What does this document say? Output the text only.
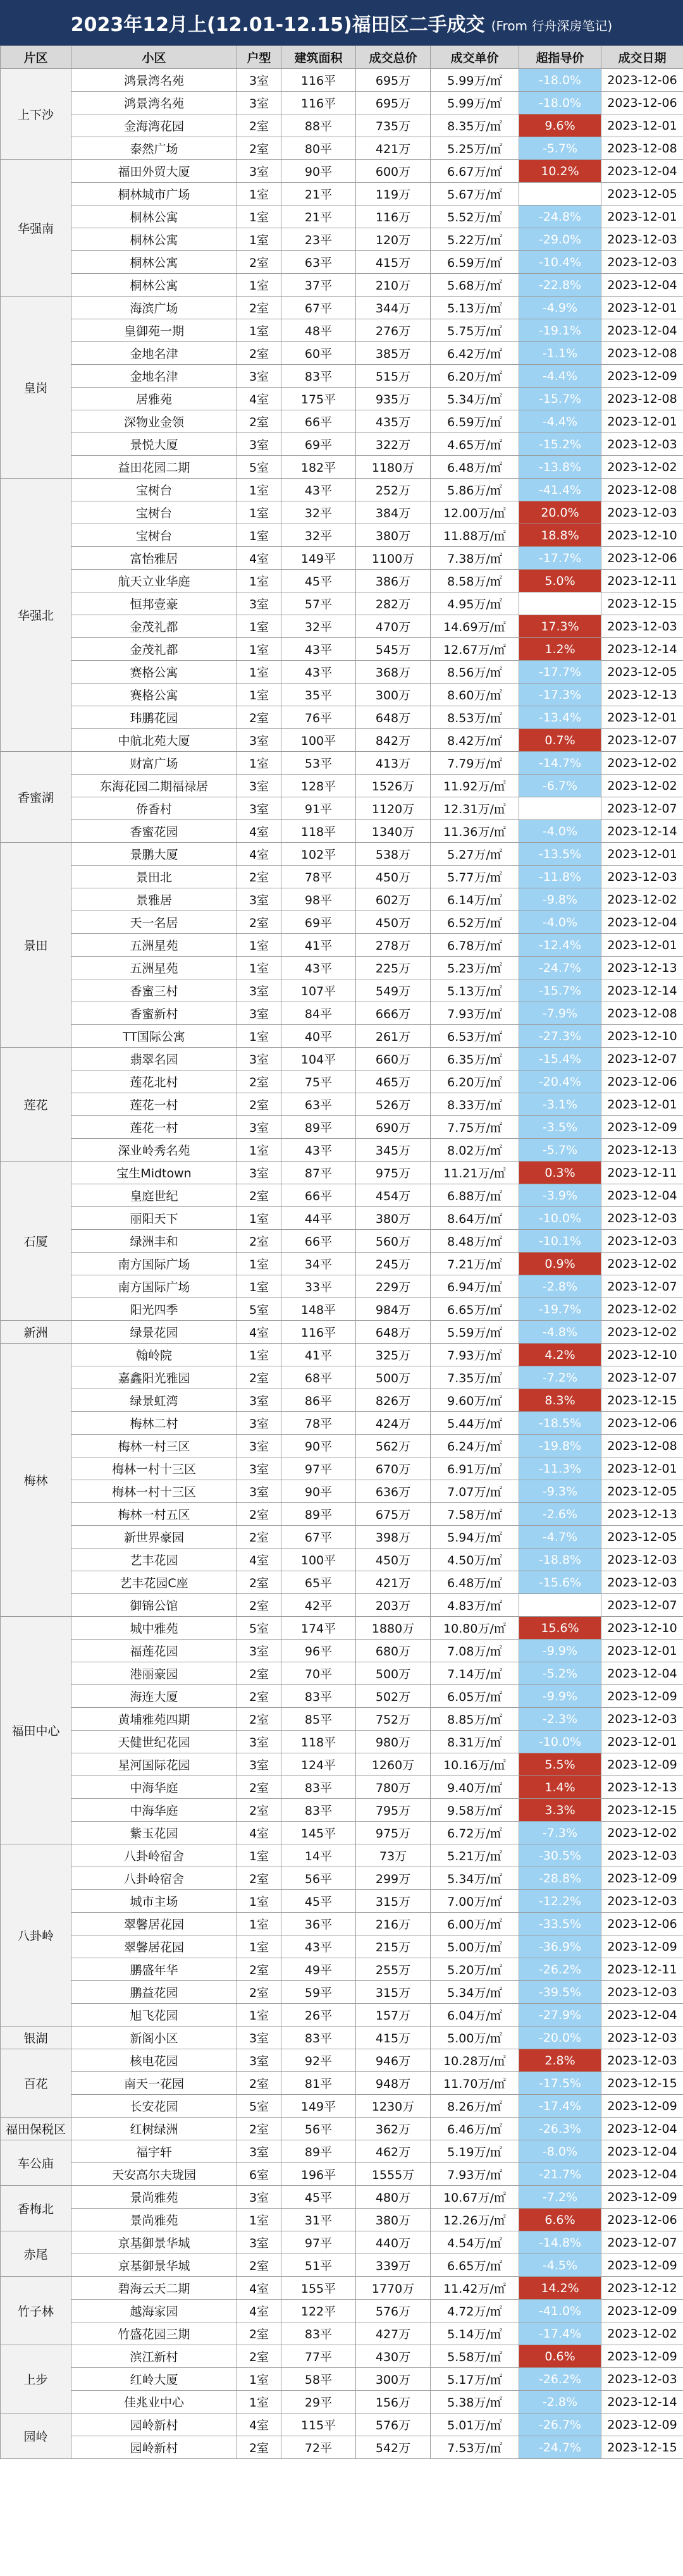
2023年12月上(12.01-12.15)福田区二手成交 (From 行舟深房笔记)
片区	小区	户型	建筑面积	成交总价	成交单价	超指导价	成交日期
上下沙	鸿景湾名苑	3室	116平	695万	5.99万/㎡	-18.0%	2023-12-06
	鸿景湾名苑	3室	116平	695万	5.99万/㎡	-18.0%	2023-12-06
	金海湾花园	2室	88平	735万	8.35万/㎡	9.6%	2023-12-01
	泰然广场	2室	80平	421万	5.25万/㎡	-5.7%	2023-12-08
华强南	福田外贸大厦	3室	90平	600万	6.67万/㎡	10.2%	2023-12-04
	桐林城市广场	1室	21平	119万	5.67万/㎡		2023-12-05
	桐林公寓	1室	21平	116万	5.52万/㎡	-24.8%	2023-12-01
	桐林公寓	1室	23平	120万	5.22万/㎡	-29.0%	2023-12-03
	桐林公寓	2室	63平	415万	6.59万/㎡	-10.4%	2023-12-03
	桐林公寓	1室	37平	210万	5.68万/㎡	-22.8%	2023-12-04
皇岗	海滨广场	2室	67平	344万	5.13万/㎡	-4.9%	2023-12-01
	皇御苑一期	1室	48平	276万	5.75万/㎡	-19.1%	2023-12-04
	金地名津	2室	60平	385万	6.42万/㎡	-1.1%	2023-12-08
	金地名津	3室	83平	515万	6.20万/㎡	-4.4%	2023-12-09
	居雅苑	4室	175平	935万	5.34万/㎡	-15.7%	2023-12-08
	深物业金领	2室	66平	435万	6.59万/㎡	-4.4%	2023-12-01
	景悦大厦	3室	69平	322万	4.65万/㎡	-15.2%	2023-12-03
	益田花园二期	5室	182平	1180万	6.48万/㎡	-13.8%	2023-12-02
华强北	宝树台	1室	43平	252万	5.86万/㎡	-41.4%	2023-12-08
	宝树台	1室	32平	384万	12.00万/㎡	20.0%	2023-12-03
	宝树台	1室	32平	380万	11.88万/㎡	18.8%	2023-12-10
	富怡雅居	4室	149平	1100万	7.38万/㎡	-17.7%	2023-12-06
	航天立业华庭	1室	45平	386万	8.58万/㎡	5.0%	2023-12-11
	恒邦壹豪	3室	57平	282万	4.95万/㎡		2023-12-15
	金茂礼都	1室	32平	470万	14.69万/㎡	17.3%	2023-12-03
	金茂礼都	1室	43平	545万	12.67万/㎡	1.2%	2023-12-14
	赛格公寓	1室	43平	368万	8.56万/㎡	-17.7%	2023-12-05
	赛格公寓	1室	35平	300万	8.60万/㎡	-17.3%	2023-12-13
	玮鹏花园	2室	76平	648万	8.53万/㎡	-13.4%	2023-12-01
	中航北苑大厦	3室	100平	842万	8.42万/㎡	0.7%	2023-12-07
香蜜湖	财富广场	1室	53平	413万	7.79万/㎡	-14.7%	2023-12-02
	东海花园二期福禄居	3室	128平	1526万	11.92万/㎡	-6.7%	2023-12-02
	侨香村	3室	91平	1120万	12.31万/㎡		2023-12-07
	香蜜花园	4室	118平	1340万	11.36万/㎡	-4.0%	2023-12-14
景田	景鹏大厦	4室	102平	538万	5.27万/㎡	-13.5%	2023-12-01
	景田北	2室	78平	450万	5.77万/㎡	-11.8%	2023-12-03
	景雅居	3室	98平	602万	6.14万/㎡	-9.8%	2023-12-02
	天一名居	2室	69平	450万	6.52万/㎡	-4.0%	2023-12-04
	五洲星苑	1室	41平	278万	6.78万/㎡	-12.4%	2023-12-01
	五洲星苑	1室	43平	225万	5.23万/㎡	-24.7%	2023-12-13
	香蜜三村	3室	107平	549万	5.13万/㎡	-15.7%	2023-12-14
	香蜜新村	3室	84平	666万	7.93万/㎡	-7.9%	2023-12-08
	TT国际公寓	1室	40平	261万	6.53万/㎡	-27.3%	2023-12-10
莲花	翡翠名园	3室	104平	660万	6.35万/㎡	-15.4%	2023-12-07
	莲花北村	2室	75平	465万	6.20万/㎡	-20.4%	2023-12-06
	莲花一村	2室	63平	526万	8.33万/㎡	-3.1%	2023-12-01
	莲花一村	3室	89平	690万	7.75万/㎡	-3.5%	2023-12-09
	深业岭秀名苑	1室	43平	345万	8.02万/㎡	-5.7%	2023-12-13
石厦	宝生Midtown	3室	87平	975万	11.21万/㎡	0.3%	2023-12-11
	皇庭世纪	2室	66平	454万	6.88万/㎡	-3.9%	2023-12-04
	丽阳天下	1室	44平	380万	8.64万/㎡	-10.0%	2023-12-03
	绿洲丰和	2室	66平	560万	8.48万/㎡	-10.1%	2023-12-03
	南方国际广场	1室	34平	245万	7.21万/㎡	0.9%	2023-12-02
	南方国际广场	1室	33平	229万	6.94万/㎡	-2.8%	2023-12-07
	阳光四季	5室	148平	984万	6.65万/㎡	-19.7%	2023-12-02
新洲	绿景花园	4室	116平	648万	5.59万/㎡	-4.8%	2023-12-02
梅林	翰岭院	1室	41平	325万	7.93万/㎡	4.2%	2023-12-10
	嘉鑫阳光雅园	2室	68平	500万	7.35万/㎡	-7.2%	2023-12-07
	绿景虹湾	3室	86平	826万	9.60万/㎡	8.3%	2023-12-15
	梅林二村	3室	78平	424万	5.44万/㎡	-18.5%	2023-12-06
	梅林一村三区	3室	90平	562万	6.24万/㎡	-19.8%	2023-12-08
	梅林一村十三区	3室	97平	670万	6.91万/㎡	-11.3%	2023-12-01
	梅林一村十三区	3室	90平	636万	7.07万/㎡	-9.3%	2023-12-05
	梅林一村五区	2室	89平	675万	7.58万/㎡	-2.6%	2023-12-13
	新世界豪园	2室	67平	398万	5.94万/㎡	-4.7%	2023-12-05
	艺丰花园	4室	100平	450万	4.50万/㎡	-18.8%	2023-12-03
	艺丰花园C座	2室	65平	421万	6.48万/㎡	-15.6%	2023-12-03
	御锦公馆	2室	42平	203万	4.83万/㎡		2023-12-07
福田中心	城中雅苑	5室	174平	1880万	10.80万/㎡	15.6%	2023-12-10
	福莲花园	3室	96平	680万	7.08万/㎡	-9.9%	2023-12-01
	港丽豪园	2室	70平	500万	7.14万/㎡	-5.2%	2023-12-04
	海连大厦	2室	83平	502万	6.05万/㎡	-9.9%	2023-12-09
	黄埔雅苑四期	2室	85平	752万	8.85万/㎡	-2.3%	2023-12-03
	天健世纪花园	3室	118平	980万	8.31万/㎡	-10.0%	2023-12-01
	星河国际花园	3室	124平	1260万	10.16万/㎡	5.5%	2023-12-09
	中海华庭	2室	83平	780万	9.40万/㎡	1.4%	2023-12-13
	中海华庭	2室	83平	795万	9.58万/㎡	3.3%	2023-12-15
	紫玉花园	4室	145平	975万	6.72万/㎡	-7.3%	2023-12-02
八卦岭	八卦岭宿舍	1室	14平	73万	5.21万/㎡	-30.5%	2023-12-03
	八卦岭宿舍	2室	56平	299万	5.34万/㎡	-28.8%	2023-12-09
	城市主场	1室	45平	315万	7.00万/㎡	-12.2%	2023-12-03
	翠馨居花园	1室	36平	216万	6.00万/㎡	-33.5%	2023-12-06
	翠馨居花园	1室	43平	215万	5.00万/㎡	-36.9%	2023-12-09
	鹏盛年华	2室	49平	255万	5.20万/㎡	-26.2%	2023-12-11
	鹏益花园	2室	59平	315万	5.34万/㎡	-39.5%	2023-12-03
	旭飞花园	1室	26平	157万	6.04万/㎡	-27.9%	2023-12-04
银湖	新阁小区	3室	83平	415万	5.00万/㎡	-20.0%	2023-12-03
百花	核电花园	3室	92平	946万	10.28万/㎡	2.8%	2023-12-03
	南天一花园	2室	81平	948万	11.70万/㎡	-17.5%	2023-12-15
	长安花园	5室	149平	1230万	8.26万/㎡	-17.4%	2023-12-09
福田保税区	红树绿洲	2室	56平	362万	6.46万/㎡	-26.3%	2023-12-04
车公庙	福宇轩	3室	89平	462万	5.19万/㎡	-8.0%	2023-12-04
	天安高尔夫珑园	6室	196平	1555万	7.93万/㎡	-21.7%	2023-12-04
香梅北	景尚雅苑	3室	45平	480万	10.67万/㎡	-7.2%	2023-12-09
	景尚雅苑	1室	31平	380万	12.26万/㎡	6.6%	2023-12-06
赤尾	京基御景华城	3室	97平	440万	4.54万/㎡	-14.8%	2023-12-07
	京基御景华城	2室	51平	339万	6.65万/㎡	-4.5%	2023-12-09
竹子林	碧海云天二期	4室	155平	1770万	11.42万/㎡	14.2%	2023-12-12
	越海家园	4室	122平	576万	4.72万/㎡	-41.0%	2023-12-09
	竹盛花园三期	2室	83平	427万	5.14万/㎡	-17.4%	2023-12-02
上步	滨江新村	2室	77平	430万	5.58万/㎡	0.6%	2023-12-09
	红岭大厦	1室	58平	300万	5.17万/㎡	-26.2%	2023-12-03
	佳兆业中心	1室	29平	156万	5.38万/㎡	-2.8%	2023-12-14
园岭	园岭新村	4室	115平	576万	5.01万/㎡	-26.7%	2023-12-09
	园岭新村	2室	72平	542万	7.53万/㎡	-24.7%	2023-12-15
